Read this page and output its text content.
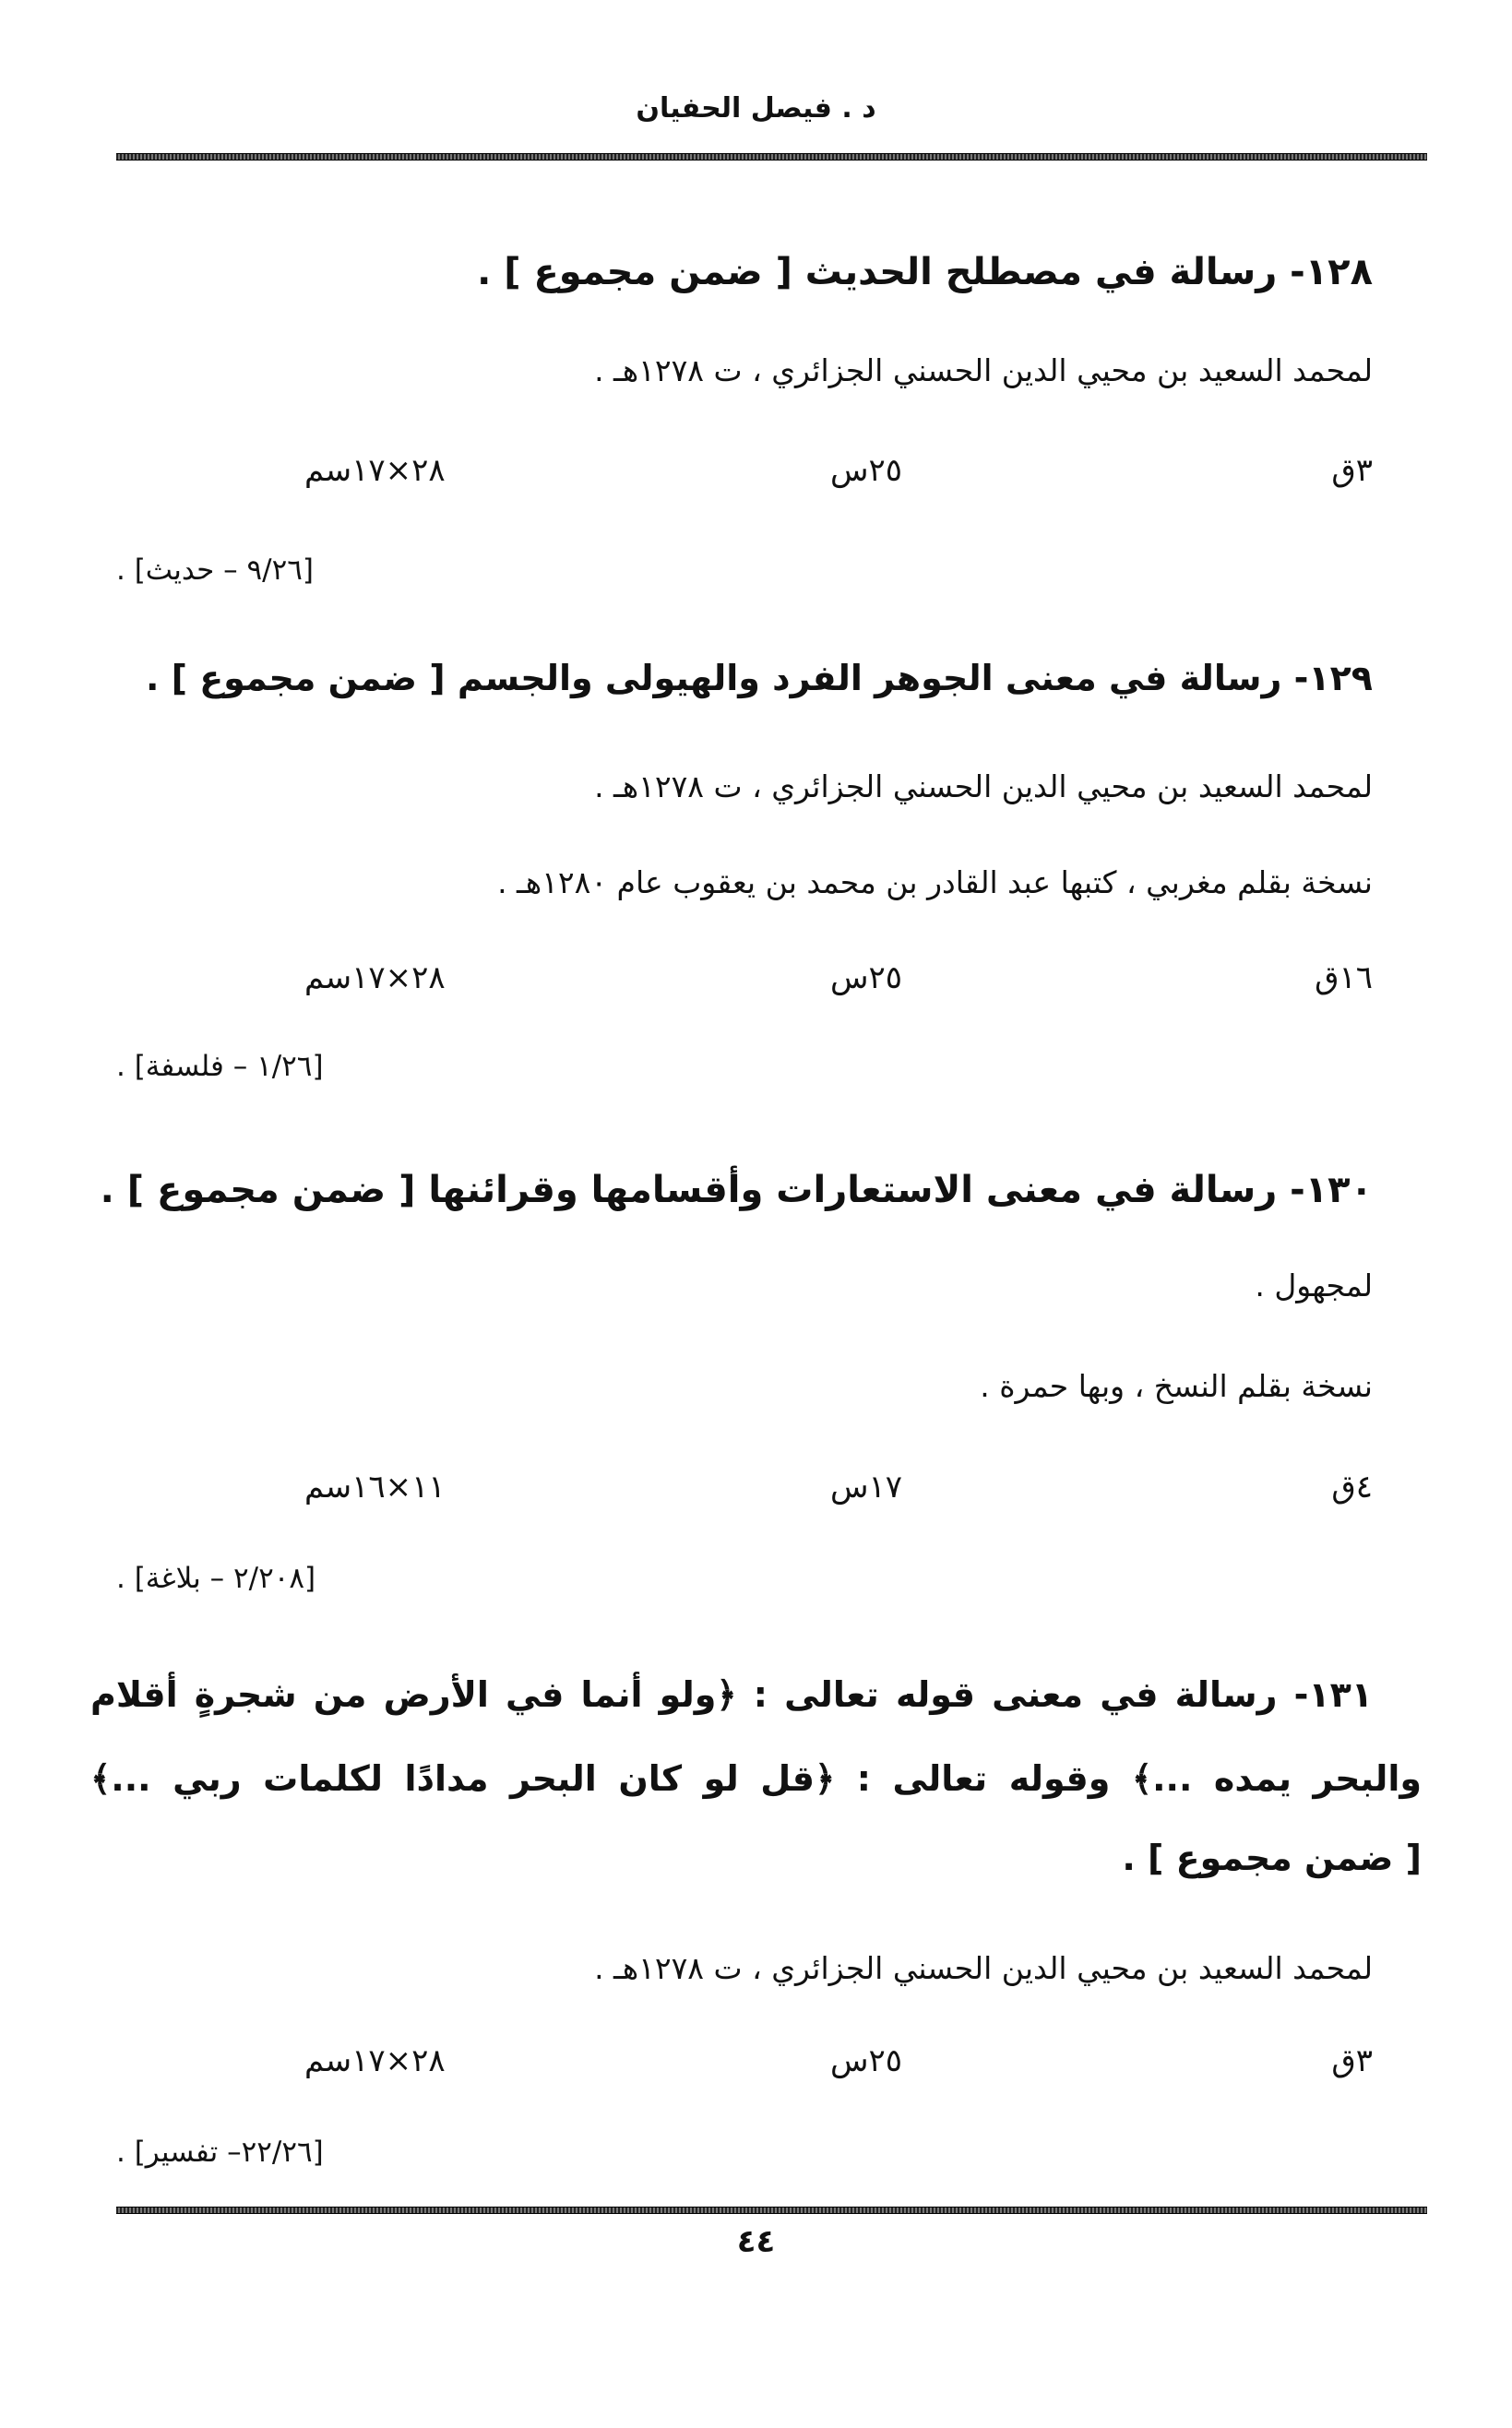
د . فيصل الحفيان
١٢٨- رسالة في مصطلح الحديث [ ضمن مجموع ] .
لمحمد السعيد بن محيي الدين الحسني الجزائري ، ت ١٢٧٨هـ .
٣ق
٢٥س
٢٨×١٧سم
[٩/٢٦ – حديث] .
١٢٩- رسالة في معنى الجوهر الفرد والهيولى والجسم [ ضمن مجموع ] .
لمحمد السعيد بن محيي الدين الحسني الجزائري ، ت ١٢٧٨هـ .
نسخة بقلم مغربي ، كتبها عبد القادر بن محمد بن يعقوب عام ١٢٨٠هـ .
١٦ق
٢٥س
٢٨×١٧سم
[١/٢٦ – فلسفة] .
١٣٠- رسالة في معنى الاستعارات وأقسامها وقرائنها [ ضمن مجموع ] .
لمجهول .
نسخة بقلم النسخ ، وبها حمرة .
٤ق
١٧س
١١×١٦سم
[٢/٢٠٨ – بلاغة] .
١٣١- رسالة في معنى قوله تعالى : ﴿ولو أنما في الأرض من شجرةٍ أقلام
والبحر يمده ...﴾ وقوله تعالى : ﴿قل لو كان البحر مدادًا لكلمات ربي ...﴾
[ ضمن مجموع ] .
لمحمد السعيد بن محيي الدين الحسني الجزائري ، ت ١٢٧٨هـ .
٣ق
٢٥س
٢٨×١٧سم
[٢٢/٢٦– تفسير] .
٤٤
